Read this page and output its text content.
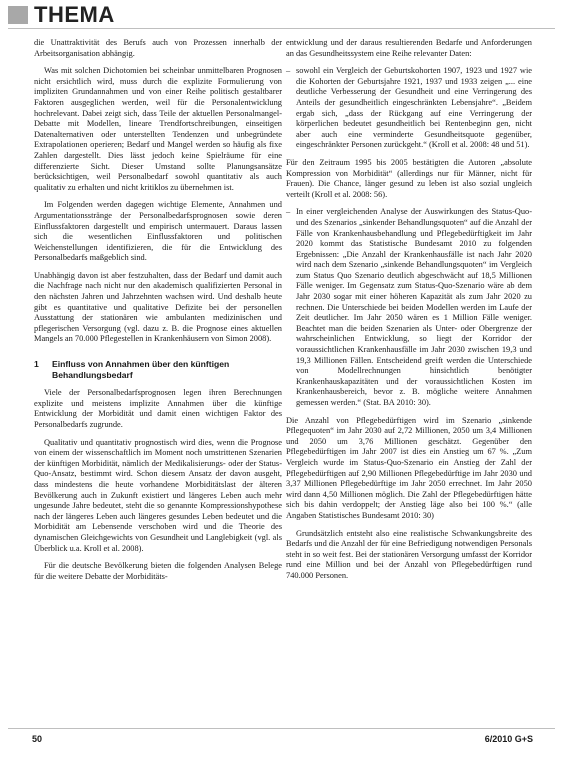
THEMA

die Unattraktivität des Berufs auch von Prozessen innerhalb der Arbeitsorganisation abhängig.

Was mit solchen Dichotomien bei scheinbar unmittelbaren Prognosen nicht ersichtlich wird, muss durch die explizite Formulierung von impliziten Grundannahmen und von einer Reihe politisch gestaltbarer Faktoren ausgeglichen werden, weil für die Personalentwicklung hochrelevant. Dabei zeigt sich, dass Teile der aktuellen Personalmangel-Debatte mit Modellen, lineare Trendfortschreibungen, einseitigen Datenalternativen oder unterstellten Tendenzen und unbegründete Extrapolationen operieren; Bedarf und Mangel werden so häufig als fixe Zahlen dargestellt. Dies lässt jedoch keine Spielräume für eine differenzierte Sicht. Dieser Umstand sollte Planungsansätze berücksichtigen, weil Personalbedarf sowohl quantitativ als auch qualitativ zu erhalten und nicht kritiklos zu übernehmen ist.

Im Folgenden werden dagegen wichtige Elemente, Annahmen und Argumentationsstränge der Personalbedarfsprognosen sowie deren Einflussfaktoren dargestellt und empirisch untermauert. Daraus lassen sich die wesentlichen Einflussfaktoren und politischen Weichenstellungen identifizieren, die für die Entwicklung des Personalbedarfs maßgeblich sind.

Unabhängig davon ist aber festzuhalten, dass der Bedarf und damit auch die Nachfrage nach nicht nur den akademisch qualifizierten Personal in den nächsten Jahren und Jahrzehnten wachsen wird. Und deshalb heute gibt es quantitative und qualitative Defizite bei der personellen Ausstattung der stationären wie ambulanten medizinischen und pflegerischen Versorgung (vgl. dazu z. B. die Prognose eines aktuellen Mangels an 70.000 Pflegestellen in Krankenhäusern von Simon 2008).

1	Einfluss von Annahmen über den künftigen Behandlungsbedarf

Viele der Personalbedarfsprognosen legen ihren Berechnungen explizite und meistens implizite Annahmen über die künftige Entwicklung der Morbidität und damit einen wichtigen Faktor des Personalbedarfs zugrunde.

Qualitativ und quantitativ prognostisch wird dies, wenn die Prognose von einem der wissenschaftlich im Moment noch umstrittenen Szenarien der künftigen Morbidität, nämlich der Medikalisierungs- oder der Status-Quo-Ansatz, bestimmt wird. Schon diesem Ansatz der davon ausgeht, dass mindestens die heute vorhandene Morbiditätslast der älteren Bevölkerung auch in Zukunft existiert und längeres Leben auch mehr ungesunde Jahre bedeutet, steht die so genannte Kompressionshypothese nach der längeres Leben auch längeres gesundes Leben bedeutet und die Morbidität am Lebensende verschoben wird und die Theorie des dynamischen Gleichgewichts von Gesundheit und Langlebigkeit (vgl. als Überblick u.a. Kroll et al. 2008).

Für die deutsche Bevölkerung bieten die folgenden Analysen Belege für die weitere Debatte der Morbiditäts-

entwicklung und der daraus resultierenden Bedarfe und Anforderungen an das Gesundheitssystem eine Reihe relevanter Daten:

– sowohl ein Vergleich der Geburtskohorten 1907, 1923 und 1927 wie die Kohorten der Geburtsjahre 1921, 1937 und 1933 zeigen „... eine deutliche Verbesserung der Gesundheit und eine Verringerung des Anteils der gesundheitlich eingeschränkten Lebensjahre“. „Beidem ergab sich, „dass der Rückgang auf eine Verringerung der körperlichen bedeutet gesundheitlich bei Rentenbeginn gen, nicht aber auch eine verminderte Gesundheitsquote gegenüber, eingeschränkter Personen zurückgeht.“ (Kroll et al. 2008: 48 und 51).

Für den Zeitraum 1995 bis 2005 bestätigten die Autoren „absolute Kompression von Morbidität“ (allerdings nur für Männer, nicht für Frauen). Die Chance, länger gesund zu leben ist also sozial ungleich verteilt (Kroll et al. 2008: 56).

– In einer vergleichenden Analyse der Auswirkungen des Status-Quo- und des Szenarios „sinkender Behandlungsquoten“ auf die Anzahl der Fälle von Krankenhausbehandlung und Pflegebedürftigkeit im Jahr 2020 kommt das Statistische Bundesamt 2010 zu folgenden Ergebnissen: „Die Anzahl der Krankenhausfälle ist nach Jahr 2020 wird nach dem Szenario „sinkende Behandlungsquoten“ im Vergleich zum Status Quo Szenario deutlich abgeschwächt auf 18,5 Millionen Fälle weniger. Im Gegensatz zum Status-Quo-Szenario wäre ab dem Jahr 2030 sogar mit einer höheren Kapazität als zum Jahr 2020 zu rechnen. Die Unterschiede bei beiden Modellen werden im Laufe der Zeit deutlicher. Im Jahr 2050 wären es 1 Million Fälle weniger. Beachtet man die beiden Szenarien als Unter- oder Obergrenze der wahrscheinlichen Entwicklung, so liegt der Korridor der voraussichtlichen Krankenhausfälle im Jahr 2030 zwischen 19,3 und 19,3 Millionen Fällen. Entscheidend greift werden die Unterschiede von Modellrechnungen hinsichtlich benötigter Krankenhauskapazitäten und der voraussichtlichen Kosten im Krankenhausbereich, bevor z. B. mögliche weitere Annahmen gemessen werden.“ (Stat. BA 2010: 30).

Die Anzahl von Pflegebedürftigen wird im Szenario „sinkende Pflegequoten“ im Jahr 2030 auf 2,72 Millionen, 2050 um 3,4 Millionen und 2050 um 3,76 Millionen geschätzt. Gegenüber den Pflegebedürftigen im Jahr 2007 ist dies ein Anstieg um 67 %. „Zum Vergleich wurde im Status-Quo-Szenario ein Anstieg der Zahl der Pflegebedürftigen auf 2,90 Millionen Pflegebedürftige im Jahr 2030 und 3,37 Millionen Pflegebedürftige im Jahr 2050 errechnet. Im Jahr 2050 wird dann 4,50 Millionen möglich. Die Zahl der Pflegebedürftigen hätte sich bis dahin verdoppelt; der Anstieg läge also bei 100 %.“ (alle Angaben Statistisches Bundesamt 2010: 30)

Grundsätzlich entsteht also eine realistische Schwankungsbreite des Bedarfs und die Anzahl der für eine Befriedigung notwendigen Personals steht in so weit fest. Bei der stationären Versorgung umfasst der Korridor rund eine Million und bei der Anzahl von Pflegebedürftigen rund 740.000 Personen.

50	6/2010 G+S
